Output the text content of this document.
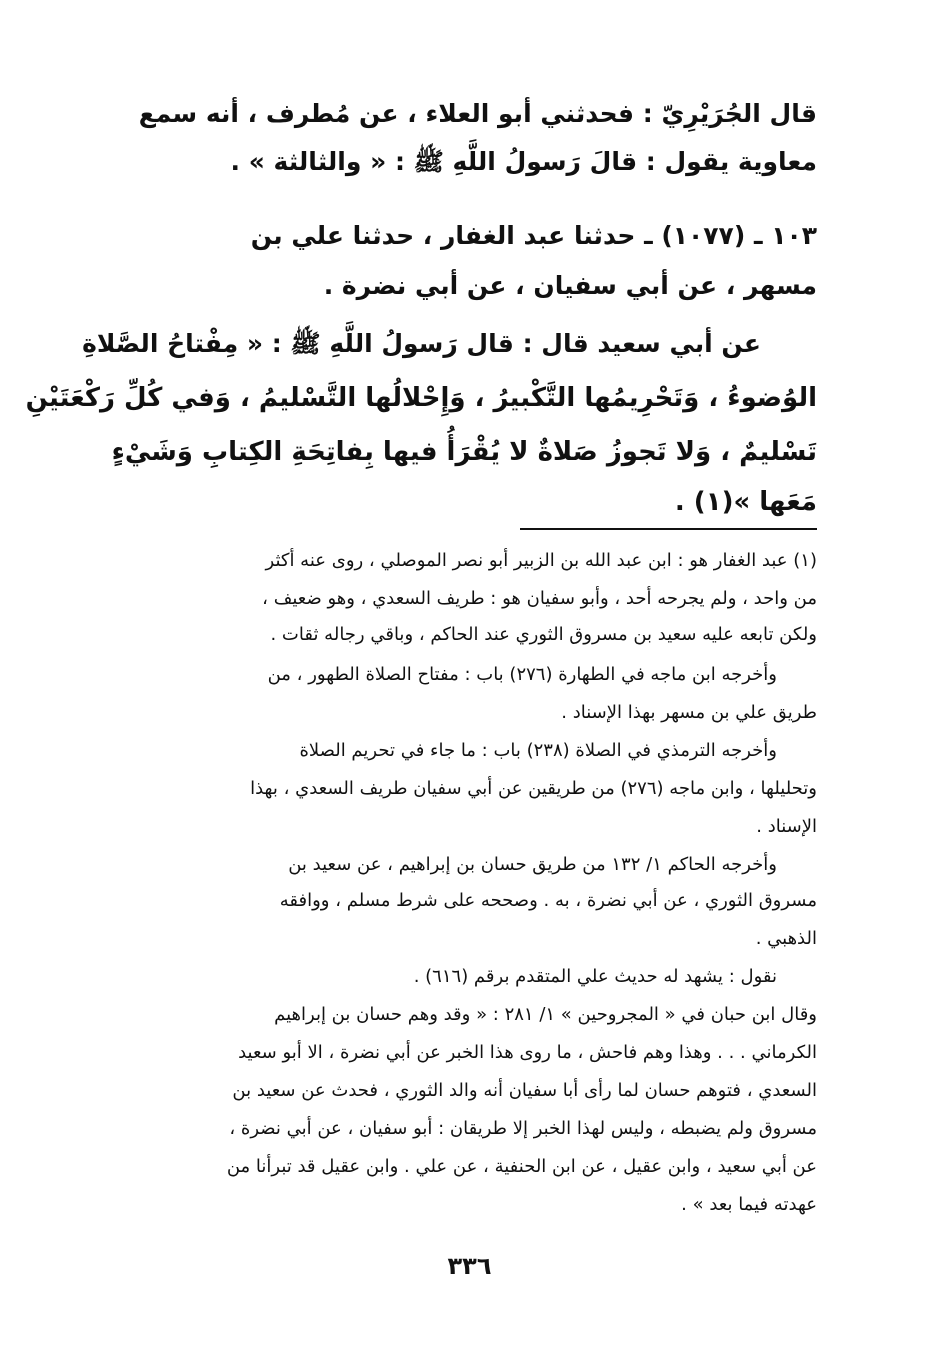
قال الجُرَيْرِيّ : فحدثني أبو العلاء ، عن مُطرف ، أنه سمع
معاوية يقول : قالَ رَسولُ اللَّهِ ﷺ : « والثالثة » .
١٠٣ ـ (١٠٧٧) ـ حدثنا عبد الغفار ، حدثنا علي بن
مسهر ، عن أبي سفيان ، عن أبي نضرة .
عن أبي سعيد قال : قال رَسولُ اللَّهِ ﷺ : « مِفْتاحُ الصَّلاةِ
الوُضوءُ ، وَتَحْرِيمُها التَّكْبيرُ ، وَإِحْلالُها التَّسْليمُ ، وَفي كُلِّ رَكْعَتَيْنِ
تَسْليمٌ ، وَلا تَجوزُ صَلاةٌ لا يُقْرَأُ فيها بِفاتِحَةِ الكِتابِ وَشَيْءٍ
مَعَها »(١) .
(١) عبد الغفار هو : ابن عبد الله بن الزبير أبو نصر الموصلي ، روى عنه أكثر
من واحد ، ولم يجرحه أحد ، وأبو سفيان هو : طريف السعدي ، وهو ضعيف ،
ولكن تابعه عليه سعيد بن مسروق الثوري عند الحاكم ، وباقي رجاله ثقات .
وأخرجه ابن ماجه في الطهارة (٢٧٦) باب : مفتاح الصلاة الطهور ، من
طريق علي بن مسهر بهذا الإسناد .
وأخرجه الترمذي في الصلاة (٢٣٨) باب : ما جاء في تحريم الصلاة
وتحليلها ، وابن ماجه (٢٧٦) من طريقين عن أبي سفيان طريف السعدي ، بهذا
الإسناد .
وأخرجه الحاكم ١/ ١٣٢ من طريق حسان بن إبراهيم ، عن سعيد بن
مسروق الثوري ، عن أبي نضرة ، به . وصححه على شرط مسلم ، ووافقه
الذهبي .
نقول : يشهد له حديث علي المتقدم برقم (٦١٦) .
وقال ابن حبان في « المجروحين » ١/ ٢٨١ : « وقد وهم حسان بن إبراهيم
الكرماني . . . وهذا وهم فاحش ، ما روى هذا الخبر عن أبي نضرة ، الا أبو سعيد
السعدي ، فتوهم حسان لما رأى أبا سفيان أنه والد الثوري ، فحدث عن سعيد بن
مسروق ولم يضبطه ، وليس لهذا الخبر إلا طريقان : أبو سفيان ، عن أبي نضرة ،
عن أبي سعيد ، وابن عقيل ، عن ابن الحنفية ، عن علي . وابن عقيل قد تبرأنا من
عهدته فيما بعد » .
٣٣٦
